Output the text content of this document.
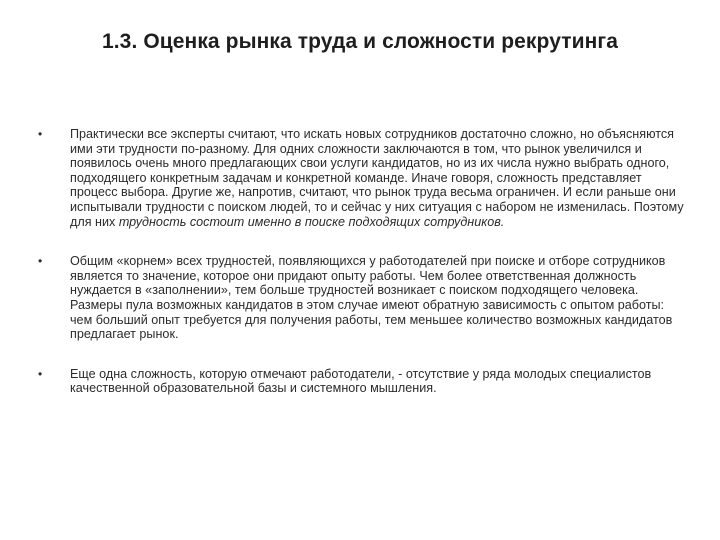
1.3. Оценка рынка труда и сложности рекрутинга
• Практически все эксперты считают, что искать новых сотрудников достаточно сложно, но объясняются ими эти трудности по-разному. Для одних сложности заключаются в том, что рынок увеличился и появилось очень много предлагающих свои услуги кандидатов, но из их числа нужно выбрать одного, подходящего конкретным задачам и конкретной команде. Иначе говоря, сложность представляет процесс выбора. Другие же, напротив, считают, что рынок труда весьма ограничен. И если раньше они испытывали трудности с поиском людей, то и сейчас у них ситуация с набором не изменилась. Поэтому для них трудность состоит именно в поиске подходящих сотрудников.
• Общим «корнем» всех трудностей, появляющихся у работодателей при поиске и отборе сотрудников является то значение, которое они придают опыту работы. Чем более ответственная должность нуждается в «заполнении», тем больше трудностей возникает с поиском подходящего человека. Размеры пула возможных кандидатов в этом случае имеют обратную зависимость с опытом работы: чем больший опыт требуется для получения работы, тем меньшее количество возможных кандидатов предлагает рынок.
• Еще одна сложность, которую отмечают работодатели, - отсутствие у ряда молодых специалистов качественной образовательной базы и системного мышления.
